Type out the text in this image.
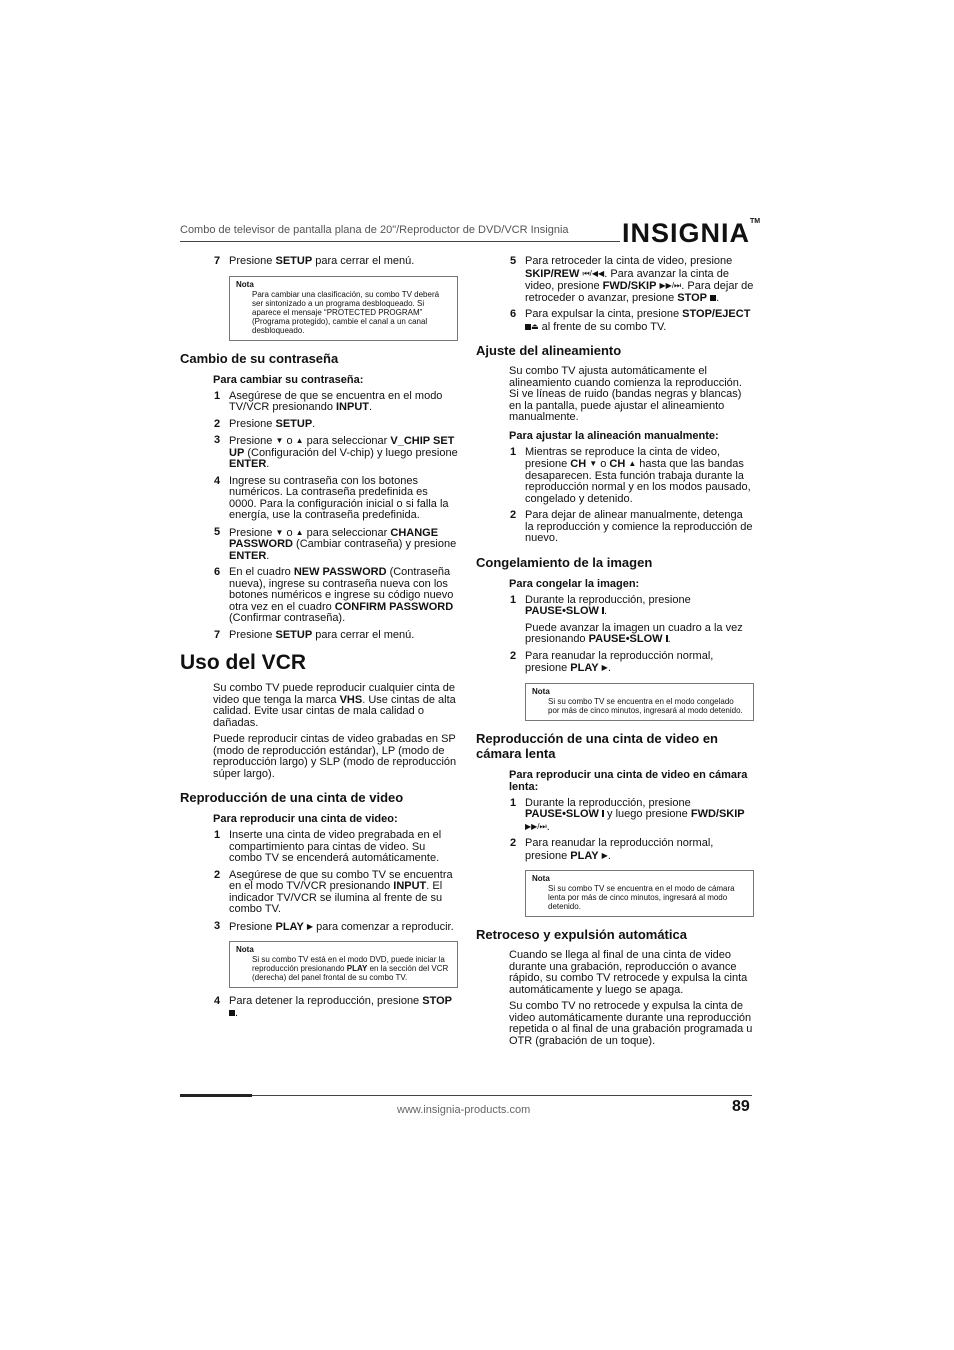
Combo de televisor de pantalla plana de 20"/Reproductor de DVD/VCR Insignia INSIGNIA™
7 Presione SETUP para cerrar el menú.
Nota
Para cambiar una clasificación, su combo TV deberá ser sintonizado a un programa desbloqueado. Si aparece el mensaje “PROTECTED PROGRAM” (Programa protegido), cambie el canal a un canal desbloqueado.
Cambio de su contraseña
Para cambiar su contraseña:
1 Asegúrese de que se encuentra en el modo TV/VCR presionando INPUT.
2 Presione SETUP.
3 Presione ▼ o ▲ para seleccionar V_CHIP SET UP (Configuración del V-chip) y luego presione ENTER.
4 Ingrese su contraseña con los botones numéricos. La contraseña predefinida es 0000. Para la configuración inicial o si falla la energía, use la contraseña predefinida.
5 Presione ▼ o ▲ para seleccionar CHANGE PASSWORD (Cambiar contraseña) y presione ENTER.
6 En el cuadro NEW PASSWORD (Contraseña nueva), ingrese su contraseña nueva con los botones numéricos e ingrese su código nuevo otra vez en el cuadro CONFIRM PASSWORD (Confirmar contraseña).
7 Presione SETUP para cerrar el menú.
Uso del VCR
Su combo TV puede reproducir cualquier cinta de video que tenga la marca VHS. Use cintas de alta calidad. Evite usar cintas de mala calidad o dañadas.
Puede reproducir cintas de video grabadas en SP (modo de reproducción estándar), LP (modo de reproducción largo) y SLP (modo de reproducción súper largo).
Reproducción de una cinta de video
Para reproducir una cinta de video:
1 Inserte una cinta de video pregrabada en el compartimiento para cintas de video. Su combo TV se encenderá automáticamente.
2 Asegúrese de que su combo TV se encuentra en el modo TV/VCR presionando INPUT. El indicador TV/VCR se ilumina al frente de su combo TV.
3 Presione PLAY ▶ para comenzar a reproducir.
Nota
Si su combo TV está en el modo DVD, puede iniciar la reproducción presionando PLAY en la sección del VCR (derecha) del panel frontal de su combo TV.
4 Para detener la reproducción, presione STOP .
5 Para retroceder la cinta de video, presione SKIP/REW ⏮/◀◀. Para avanzar la cinta de video, presione FWD/SKIP ▶▶/⏭. Para dejar de retroceder o avanzar, presione STOP .
6 Para expulsar la cinta, presione STOP/EJECT ⏏ al frente de su combo TV.
Ajuste del alineamiento
Su combo TV ajusta automáticamente el alineamiento cuando comienza la reproducción. Si ve líneas de ruido (bandas negras y blancas) en la pantalla, puede ajustar el alineamiento manualmente.
Para ajustar la alineación manualmente:
1 Mientras se reproduce la cinta de video, presione CH ▼ o CH ▲ hasta que las bandas desaparecen. Esta función trabaja durante la reproducción normal y en los modos pausado, congelado y detenido.
2 Para dejar de alinear manualmente, detenga la reproducción y comience la reproducción de nuevo.
Congelamiento de la imagen
Para congelar la imagen:
1 Durante la reproducción, presione PAUSE•SLOW .
Puede avanzar la imagen un cuadro a la vez presionando PAUSE•SLOW .
2 Para reanudar la reproducción normal, presione PLAY ▶.
Nota
Si su combo TV se encuentra en el modo congelado por más de cinco minutos, ingresará al modo detenido.
Reproducción de una cinta de video en cámara lenta
Para reproducir una cinta de video en cámara lenta:
1 Durante la reproducción, presione PAUSE•SLOW  y luego presione FWD/SKIP ▶▶/⏭.
2 Para reanudar la reproducción normal, presione PLAY ▶.
Nota
Si su combo TV se encuentra en el modo de cámara lenta por más de cinco minutos, ingresará al modo detenido.
Retroceso y expulsión automática
Cuando se llega al final de una cinta de video durante una grabación, reproducción o avance rápido, su combo TV retrocede y expulsa la cinta automáticamente y luego se apaga.
Su combo TV no retrocede y expulsa la cinta de video automáticamente durante una reproducción repetida o al final de una grabación programada u OTR (grabación de un toque).
www.insignia-products.com	89
